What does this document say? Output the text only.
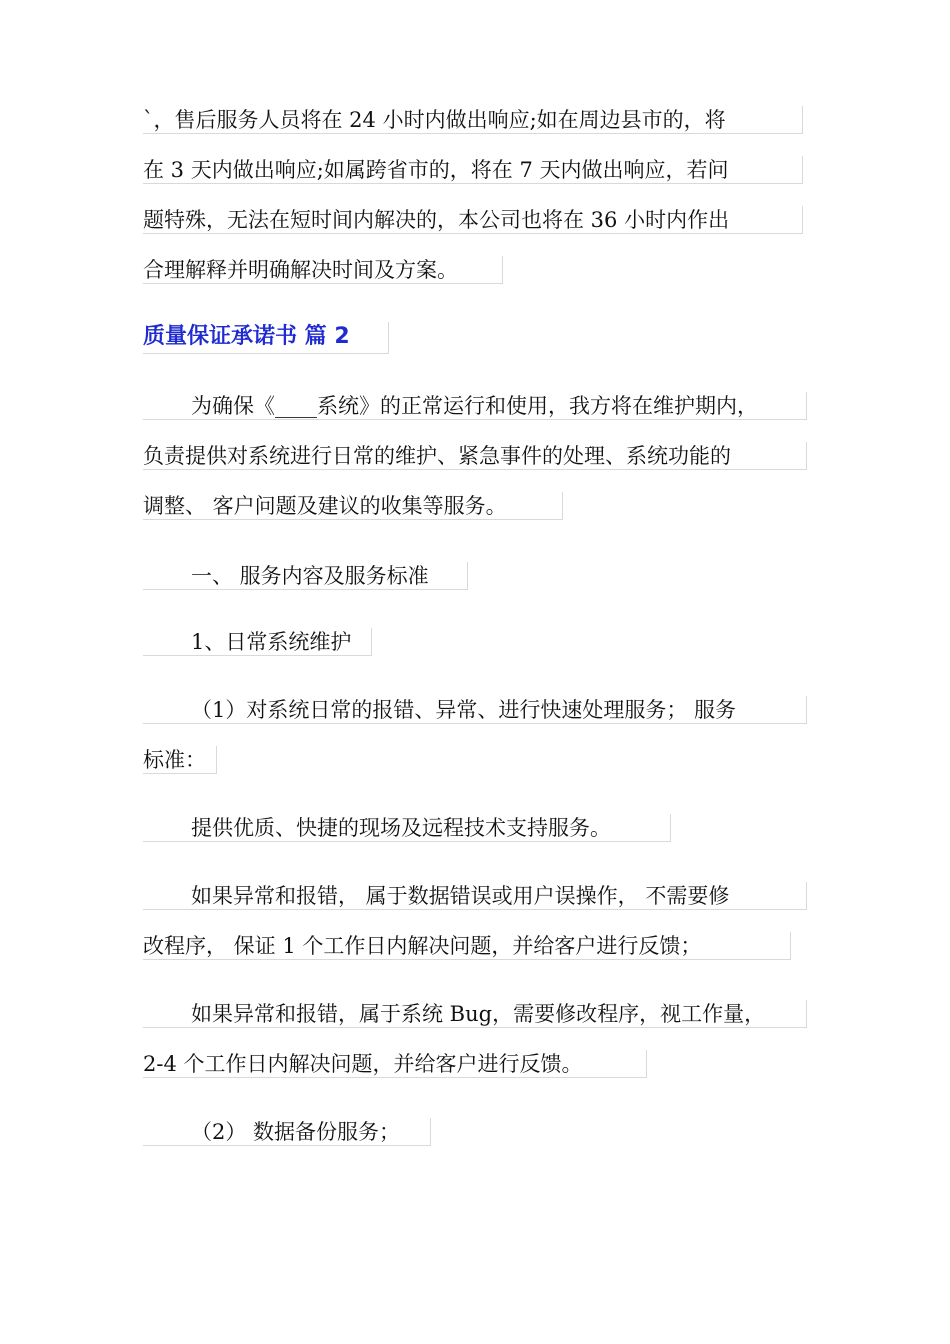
`，售后服务人员将在 24 小时内做出响应;如在周边县市的，将
在 3 天内做出响应;如属跨省市的，将在 7 天内做出响应，若问
题特殊，无法在短时间内解决的，本公司也将在 36 小时内作出
合理解释并明确解决时间及方案。
质量保证承诺书 篇 2
为确保《____系统》的正常运行和使用，我方将在维护期内，
负责提供对系统进行日常的维护、紧急事件的处理、系统功能的
调整、 客户问题及建议的收集等服务。
一、 服务内容及服务标准
1、日常系统维护
（1）对系统日常的报错、异常、进行快速处理服务； 服务
标准：
提供优质、快捷的现场及远程技术支持服务。
如果异常和报错， 属于数据错误或用户误操作， 不需要修
改程序， 保证 1 个工作日内解决问题，并给客户进行反馈；
如果异常和报错，属于系统 Bug，需要修改程序，视工作量，
2-4 个工作日内解决问题，并给客户进行反馈。
（2） 数据备份服务；
